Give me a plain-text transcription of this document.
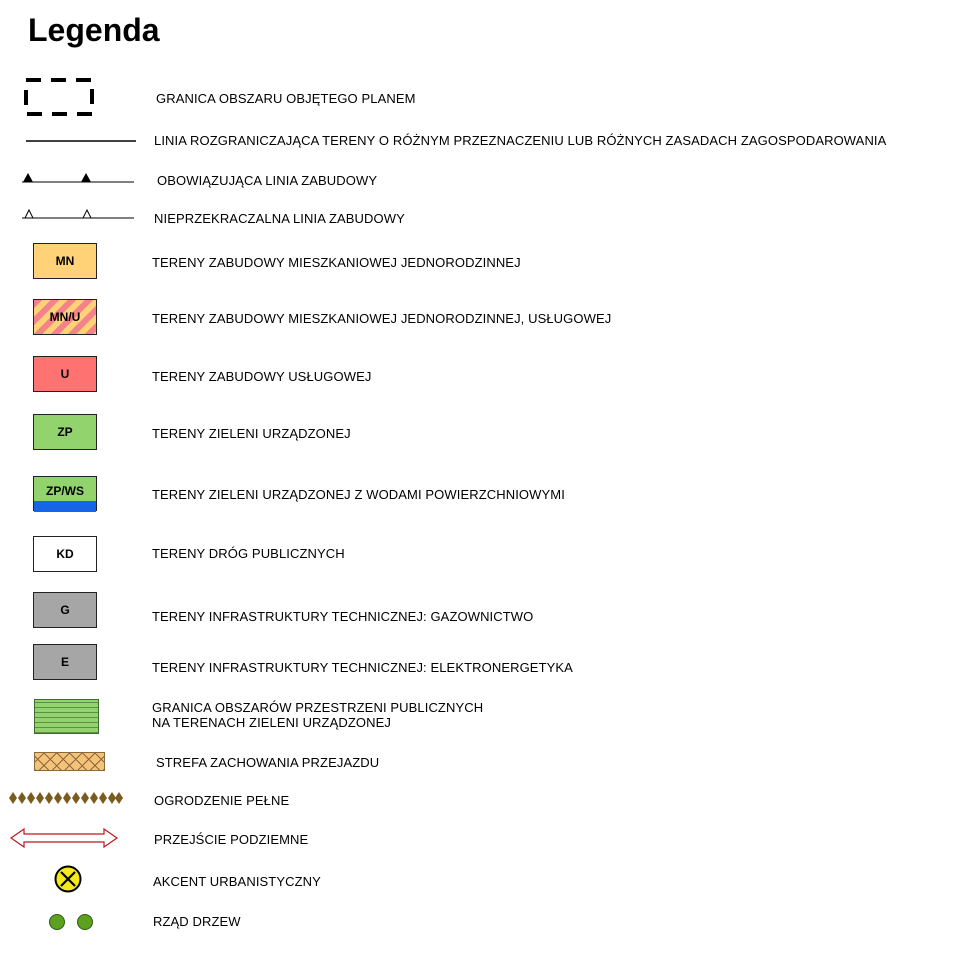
Legenda
GRANICA OBSZARU OBJĘTEGO PLANEM
LINIA ROZGRANICZAJĄCA TERENY O RÓŻNYM PRZEZNACZENIU LUB RÓŻNYCH ZASADACH ZAGOSPODAROWANIA
OBOWIĄZUJĄCA LINIA ZABUDOWY
NIEPRZEKRACZALNA LINIA ZABUDOWY
MN	TERENY ZABUDOWY MIESZKANIOWEJ JEDNORODZINNEJ
MN/U	TERENY ZABUDOWY MIESZKANIOWEJ JEDNORODZINNEJ, USŁUGOWEJ
U	TERENY ZABUDOWY USŁUGOWEJ
ZP	TERENY ZIELENI URZĄDZONEJ
ZP/WS	TERENY ZIELENI URZĄDZONEJ Z WODAMI POWIERZCHNIOWYMI
KD	TERENY DRÓG PUBLICZNYCH
G	TERENY INFRASTRUKTURY TECHNICZNEJ: GAZOWNICTWO
E	TERENY INFRASTRUKTURY TECHNICZNEJ: ELEKTRONERGETYKA
GRANICA OBSZARÓW PRZESTRZENI PUBLICZNYCH
NA TERENACH ZIELENI URZĄDZONEJ
STREFA ZACHOWANIA PRZEJAZDU
OGRODZENIE PEŁNE
PRZEJŚCIE PODZIEMNE
AKCENT URBANISTYCZNY
RZĄD DRZEW
